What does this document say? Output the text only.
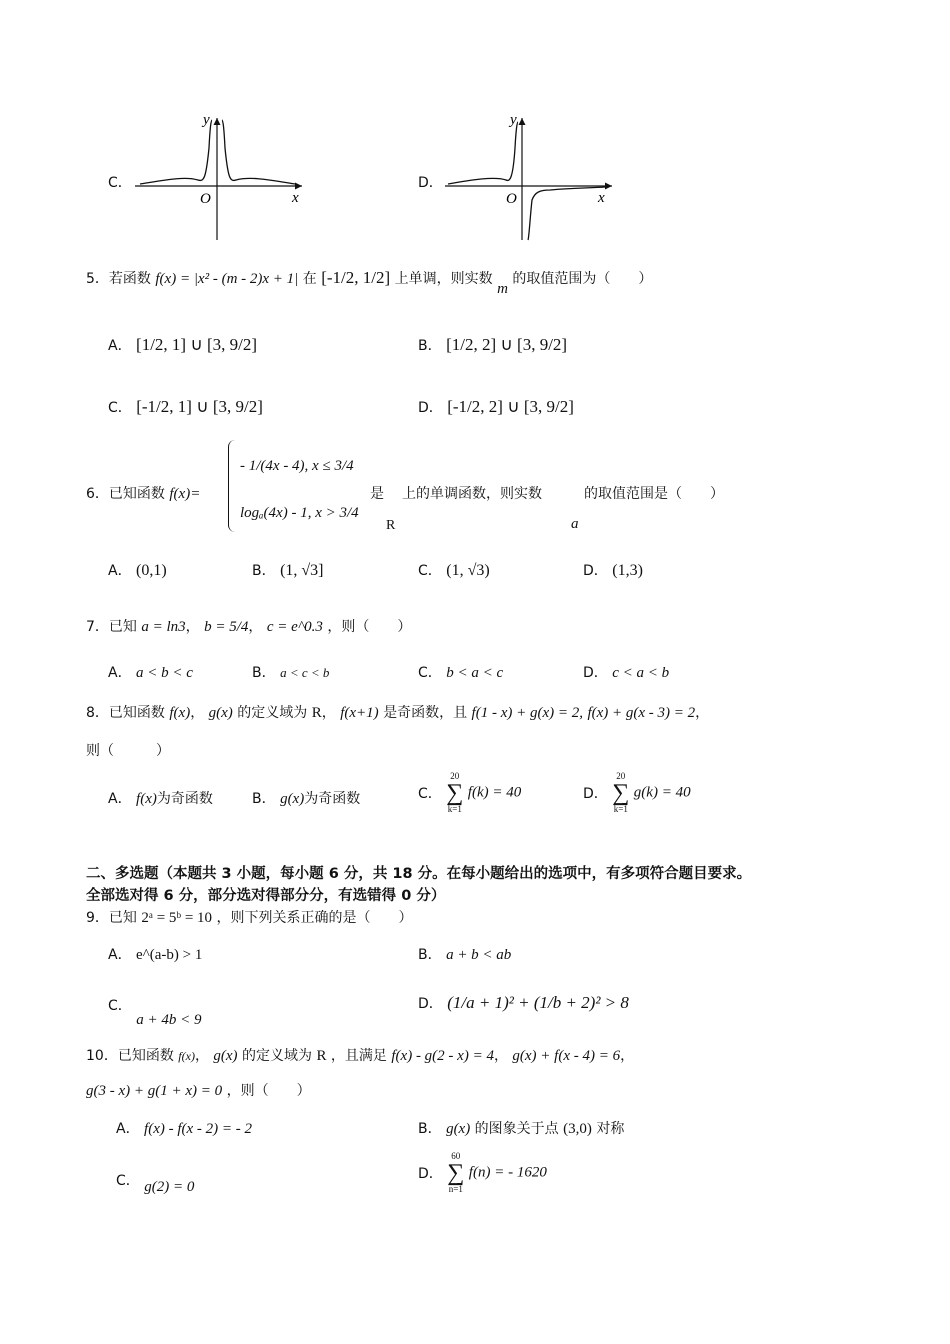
C．
y
x
O
D．
y
x
O
5．若函数 f(x) = |x² - (m - 2)x + 1| 在 [-1/2, 1/2] 上单调，则实数 m 的取值范围为（　　）
A． [1/2, 1] ∪ [3, 9/2]	B． [1/2, 2] ∪ [3, 9/2]
C． [-1/2, 1] ∪ [3, 9/2]	D． [-1/2, 2] ∪ [3, 9/2]
6．已知函数 f(x)=
- 1/(4x - 4), x ≤ 3/4
logₐ(4x) - 1, x > 3/4
是
R
上的单调函数，则实数
a
的取值范围是（　　）
A． (0,1)	B． (1, √3]	C． (1, √3)	D． (1,3)
7．已知 a = ln3， b = 5/4， c = e^0.3 ，则（　　）
A． a < b < c	B． a < c < b	C． b < a < c	D． c < a < b
8．已知函数 f(x)， g(x) 的定义域为 R， f(x+1) 是奇函数，且 f(1 - x) + g(x) = 2, f(x) + g(x - 3) = 2，
则（　　　）
A． f(x)为奇函数	B． g(x)为奇函数	C．
20
∑
k=1
f(k) = 40	D．
20
∑
k=1
g(k) = 40
二、多选题（本题共 3 小题，每小题 6 分，共 18 分。在每小题给出的选项中，有多项符合题目要求。
全部选对得 6 分，部分选对得部分分，有选错得 0 分）
9．已知 2ᵃ = 5ᵇ = 10 ，则下列关系正确的是（　　）
A． e^(a-b) > 1	B． a + b < ab
C． a + 4b < 9
D． (1/a + 1)² + (1/b + 2)² > 8
10．已知函数 f(x)， g(x) 的定义域为 R ，且满足 f(x) - g(2 - x) = 4， g(x) + f(x - 4) = 6，
g(3 - x) + g(1 + x) = 0 ，则（　　）
A． f(x) - f(x - 2) = - 2	B． g(x) 的图象关于点 (3,0) 对称
C． g(2) = 0
D．
60
∑
n=1
f(n) = - 1620
